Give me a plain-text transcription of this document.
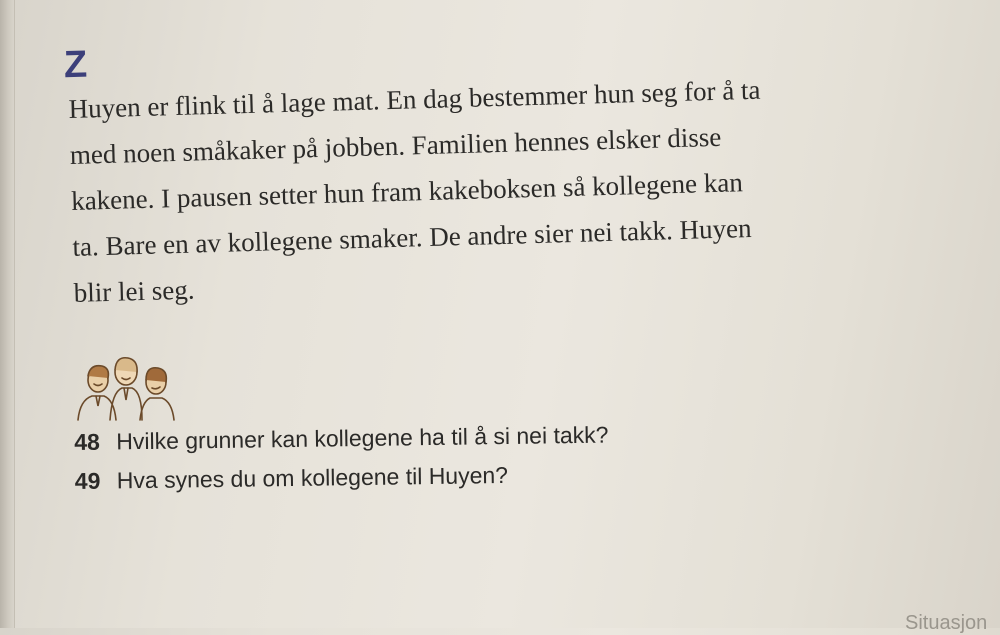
Z
Huyen er flink til å lage mat. En dag bestemmer hun seg for å ta
med noen småkaker på jobben. Familien hennes elsker disse
kakene. I pausen setter hun fram kakeboksen så kollegene kan
ta. Bare en av kollegene smaker. De andre sier nei takk. Huyen
blir lei seg.
48 Hvilke grunner kan kollegene ha til å si nei takk?
49 Hva synes du om kollegene til Huyen?
Situasjon
